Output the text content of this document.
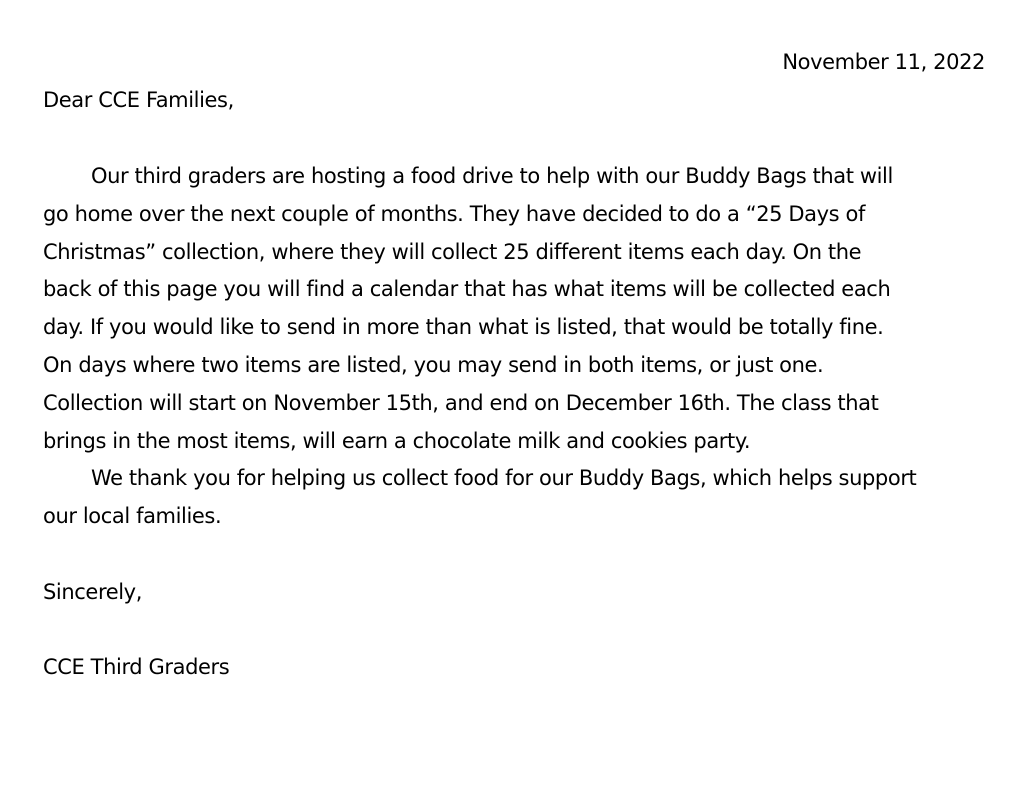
November 11, 2022
Dear CCE Families,
Our third graders are hosting a food drive to help with our Buddy Bags that will
go home over the next couple of months. They have decided to do a “25 Days of
Christmas” collection, where they will collect 25 different items each day. On the
back of this page you will find a calendar that has what items will be collected each
day. If you would like to send in more than what is listed, that would be totally fine.
On days where two items are listed, you may send in both items, or just one.
Collection will start on November 15th, and end on December 16th. The class that
brings in the most items, will earn a chocolate milk and cookies party.
We thank you for helping us collect food for our Buddy Bags, which helps support
our local families.
Sincerely,
CCE Third Graders
